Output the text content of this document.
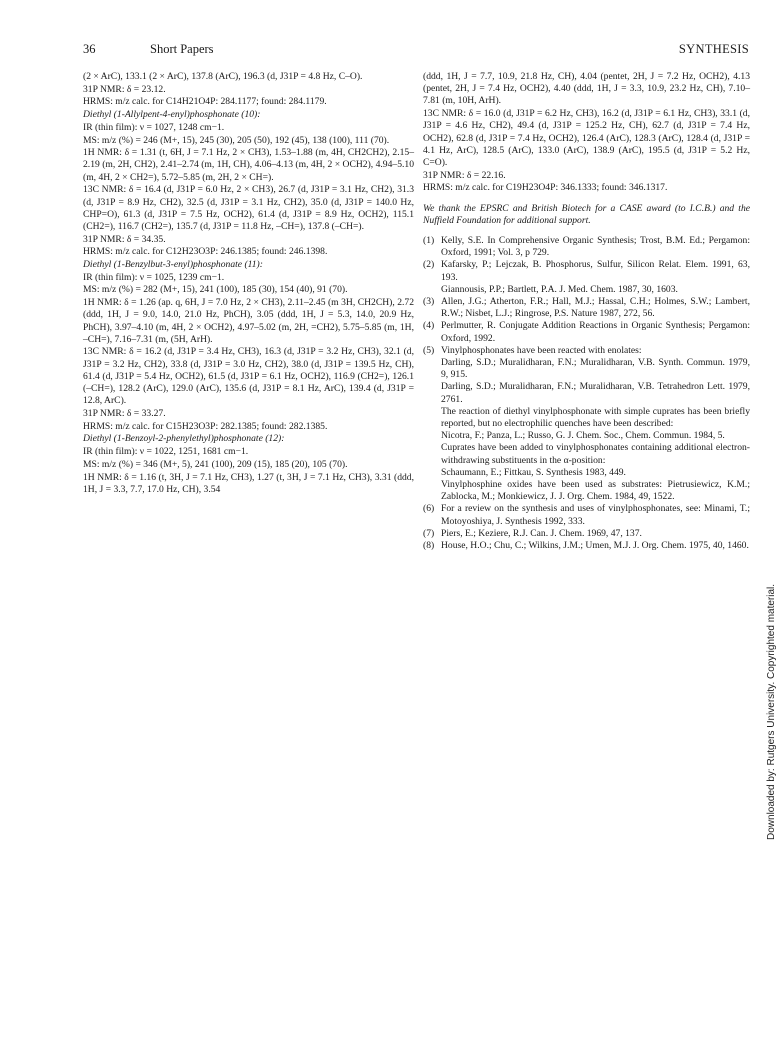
36	Short Papers	SYNTHESIS

(2 × ArC), 133.1 (2 × ArC), 137.8 (ArC), 196.3 (d, J31P = 4.8 Hz, C–O).

31P NMR: δ = 23.12.

HRMS: m/z calc. for C14H21O4P: 284.1177; found: 284.1179.

Diethyl (1-Allylpent-4-enyl)phosphonate (10):

IR (thin film): ν = 1027, 1248 cm−1.

MS: m/z (%) = 246 (M+, 15), 245 (30), 205 (50), 192 (45), 138 (100), 111 (70).

1H NMR: δ = 1.31 (t, 6H, J = 7.1 Hz, 2 × CH3), 1.53–1.88 (m, 4H, CH2CH2), 2.15–2.19 (m, 2H, CH2), 2.41–2.74 (m, 1H, CH), 4.06–4.13 (m, 4H, 2 × OCH2), 4.94–5.10 (m, 4H, 2 × CH2=), 5.72–5.85 (m, 2H, 2 × CH=).

13C NMR: δ = 16.4 (d, J31P = 6.0 Hz, 2 × CH3), 26.7 (d, J31P = 3.1 Hz, CH2), 31.3 (d, J31P = 8.9 Hz, CH2), 32.5 (d, J31P = 3.1 Hz, CH2), 35.0 (d, J31P = 140.0 Hz, CHP=O), 61.3 (d, J31P = 7.5 Hz, OCH2), 61.4 (d, J31P = 8.9 Hz, OCH2), 115.1 (CH2=), 116.7 (CH2=), 135.7 (d, J31P = 11.8 Hz, –CH=), 137.8 (–CH=).

31P NMR: δ = 34.35.

HRMS: m/z calc. for C12H23O3P: 246.1385; found: 246.1398.

Diethyl (1-Benzylbut-3-enyl)phosphonate (11):

IR (thin film): ν = 1025, 1239 cm−1.

MS: m/z (%) = 282 (M+, 15), 241 (100), 185 (30), 154 (40), 91 (70).

1H NMR: δ = 1.26 (ap. q, 6H, J = 7.0 Hz, 2 × CH3), 2.11–2.45 (m 3H, CH2CH), 2.72 (ddd, 1H, J = 9.0, 14.0, 21.0 Hz, PhCH), 3.05 (ddd, 1H, J = 5.3, 14.0, 20.9 Hz, PhCH), 3.97–4.10 (m, 4H, 2 × OCH2), 4.97–5.02 (m, 2H, =CH2), 5.75–5.85 (m, 1H, –CH=), 7.16–7.31 (m, (5H, ArH).

13C NMR: δ = 16.2 (d, J31P = 3.4 Hz, CH3), 16.3 (d, J31P = 3.2 Hz, CH3), 32.1 (d, J31P = 3.2 Hz, CH2), 33.8 (d, J31P = 3.0 Hz, CH2), 38.0 (d, J31P = 139.5 Hz, CH), 61.4 (d, J31P = 5.4 Hz, OCH2), 61.5 (d, J31P = 6.1 Hz, OCH2), 116.9 (CH2=), 126.1 (–CH=), 128.2 (ArC), 129.0 (ArC), 135.6 (d, J31P = 8.1 Hz, ArC), 139.4 (d, J31P = 12.8, ArC).

31P NMR: δ = 33.27.

HRMS: m/z calc. for C15H23O3P: 282.1385; found: 282.1385.

Diethyl (1-Benzoyl-2-phenylethyl)phosphonate (12):

IR (thin film): ν = 1022, 1251, 1681 cm−1.

MS: m/z (%) = 346 (M+, 5), 241 (100), 209 (15), 185 (20), 105 (70).

1H NMR: δ = 1.16 (t, 3H, J = 7.1 Hz, CH3), 1.27 (t, 3H, J = 7.1 Hz, CH3), 3.31 (ddd, 1H, J = 3.3, 7.7, 17.0 Hz, CH), 3.54

(ddd, 1H, J = 7.7, 10.9, 21.8 Hz, CH), 4.04 (pentet, 2H, J = 7.2 Hz, OCH2), 4.13 (pentet, 2H, J = 7.4 Hz, OCH2), 4.40 (ddd, 1H, J = 3.3, 10.9, 23.2 Hz, CH), 7.10–7.81 (m, 10H, ArH).

13C NMR: δ = 16.0 (d, J31P = 6.2 Hz, CH3), 16.2 (d, J31P = 6.1 Hz, CH3), 33.1 (d, J31P = 4.6 Hz, CH2), 49.4 (d, J31P = 125.2 Hz, CH), 62.7 (d, J31P = 7.4 Hz, OCH2), 62.8 (d, J31P = 7.4 Hz, OCH2), 126.4 (ArC), 128.3 (ArC), 128.4 (d, J31P = 4.1 Hz, ArC), 128.5 (ArC), 133.0 (ArC), 138.9 (ArC), 195.5 (d, J31P = 5.2 Hz, C=O).

31P NMR: δ = 22.16.

HRMS: m/z calc. for C19H23O4P: 346.1333; found: 346.1317.

We thank the EPSRC and British Biotech for a CASE award (to I.C.B.) and the Nuffield Foundation for additional support.

(1) Kelly, S.E. In Comprehensive Organic Synthesis; Trost, B.M. Ed.; Pergamon: Oxford, 1991; Vol. 3, p 729.
(2) Kafarsky, P.; Lejczak, B. Phosphorus, Sulfur, Silicon Relat. Elem. 1991, 63, 193.
Giannousis, P.P.; Bartlett, P.A. J. Med. Chem. 1987, 30, 1603.
(3) Allen, J.G.; Atherton, F.R.; Hall, M.J.; Hassal, C.H.; Holmes, S.W.; Lambert, R.W.; Nisbet, L.J.; Ringrose, P.S. Nature 1987, 272, 56.
(4) Perlmutter, R. Conjugate Addition Reactions in Organic Synthesis; Pergamon: Oxford, 1992.
(5) Vinylphosphonates have been reacted with enolates:
Darling, S.D.; Muralidharan, F.N.; Muralidharan, V.B. Synth. Commun. 1979, 9, 915.
Darling, S.D.; Muralidharan, F.N.; Muralidharan, V.B. Tetrahedron Lett. 1979, 2761.
The reaction of diethyl vinylphosphonate with simple cuprates has been briefly reported, but no electrophilic quenches have been described:
Nicotra, F.; Panza, L.; Russo, G. J. Chem. Soc., Chem. Commun. 1984, 5.
Cuprates have been added to vinylphosphonates containing additional electron-withdrawing substituents in the α-position:
Schaumann, E.; Fittkau, S. Synthesis 1983, 449.
Vinylphosphine oxides have been used as substrates: Pietrusiewicz, K.M.; Zablocka, M.; Monkiewicz, J. J. Org. Chem. 1984, 49, 1522.
(6) For a review on the synthesis and uses of vinylphosphonates, see: Minami, T.; Motoyoshiya, J. Synthesis 1992, 333.
(7) Piers, E.; Keziere, R.J. Can. J. Chem. 1969, 47, 137.
(8) House, H.O.; Chu, C.; Wilkins, J.M.; Umen, M.J. J. Org. Chem. 1975, 40, 1460.
Downloaded by: Rutgers University. Copyrighted material.
